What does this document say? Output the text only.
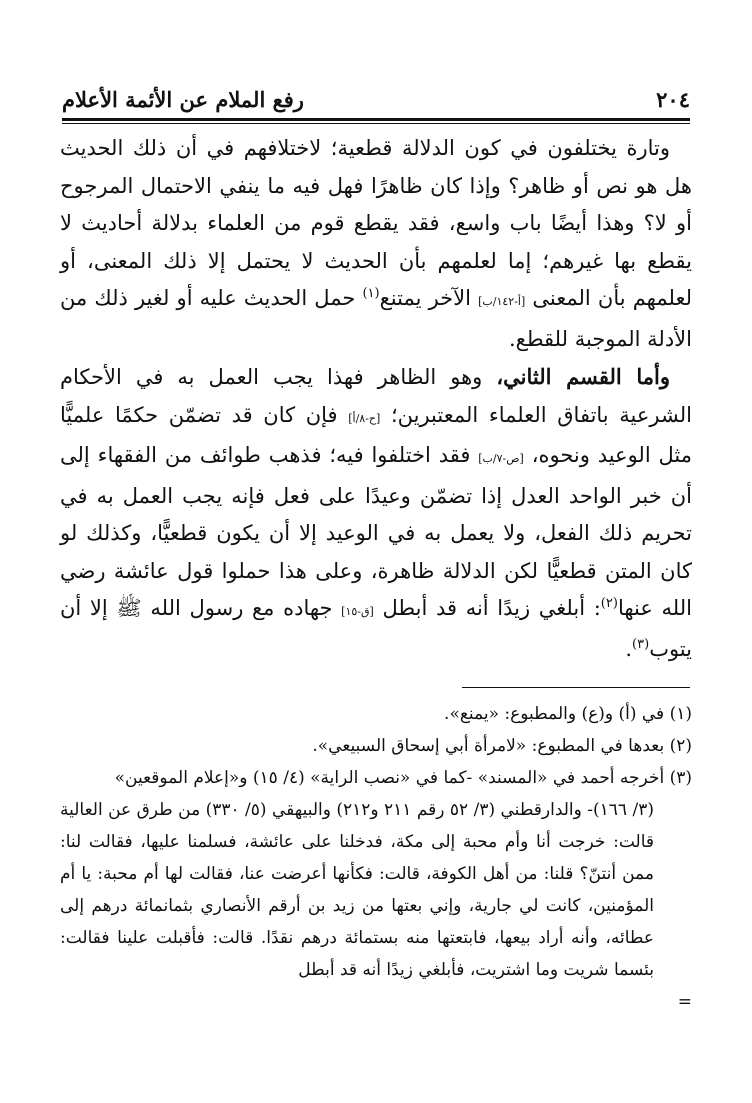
٢٠٤
رفع الملام عن الأئمة الأعلام

وتارة يختلفون في كون الدلالة قطعية؛ لاختلافهم في أن ذلك الحديث هل هو نص أو ظاهر؟ وإذا كان ظاهرًا فهل فيه ما ينفي الاحتمال المرجوح أو لا؟ وهذا أيضًا باب واسع، فقد يقطع قوم من العلماء بدلالة أحاديث لا يقطع بها غيرهم؛ إما لعلمهم بأن الحديث لا يحتمل إلا ذلك المعنى، أو لعلمهم بأن المعنى [أ-١٤٢/ب] الآخر يمتنع$^{(١)}$ حمل الحديث عليه أو لغير ذلك من الأدلة الموجبة للقطع.

وأما القسم الثاني، وهو الظاهر فهذا يجب العمل به في الأحكام الشرعية باتفاق العلماء المعتبرين؛ [ح-٨/أ] فإن كان قد تضمّن حكمًا علميًّا مثل الوعيد ونحوه، [ص-٧/ب] فقد اختلفوا فيه؛ فذهب طوائف من الفقهاء إلى أن خبر الواحد العدل إذا تضمّن وعيدًا على فعل فإنه يجب العمل به في تحريم ذلك الفعل، ولا يعمل به في الوعيد إلا أن يكون قطعيًّا، وكذلك لو كان المتن قطعيًّا لكن الدلالة ظاهرة، وعلى هذا حملوا قول عائشة رضي الله عنها$^{(٢)}$: أبلغي زيدًا أنه قد أبطل [ق-١٥] جهاده مع رسول الله ﷺ إلا أن يتوب$^{(٣)}$.

(١) في (أ) و(ع) والمطبوع: «يمنع».

(٢) بعدها في المطبوع: «لامرأة أبي إسحاق السبيعي».

(٣) أخرجه أحمد في «المسند» -كما في «نصب الراية» (٤/ ١٥) و«إعلام الموقعين»

(٣/ ١٦٦)- والدارقطني (٣/ ٥٢ رقم ٢١١ و٢١٢) والبيهقي (٥/ ٣٣٠) من طرق عن العالية قالت: خرجت أنا وأم محبة إلى مكة، فدخلنا على عائشة، فسلمنا عليها، فقالت لنا: ممن أنتنّ؟ قلنا: من أهل الكوفة، قالت: فكأنها أعرضت عنا، فقالت لها أم محبة: يا أم المؤمنين، كانت لي جارية، وإني بعتها من زيد بن أرقم الأنصاري بثمانمائة درهم إلى عطائه، وأنه أراد بيعها، فابتعتها منه بستمائة درهم نقدًا. قالت: فأقبلت علينا فقالت: بئسما شريت وما اشتريت، فأبلغي زيدًا أنه قد أبطل

=
